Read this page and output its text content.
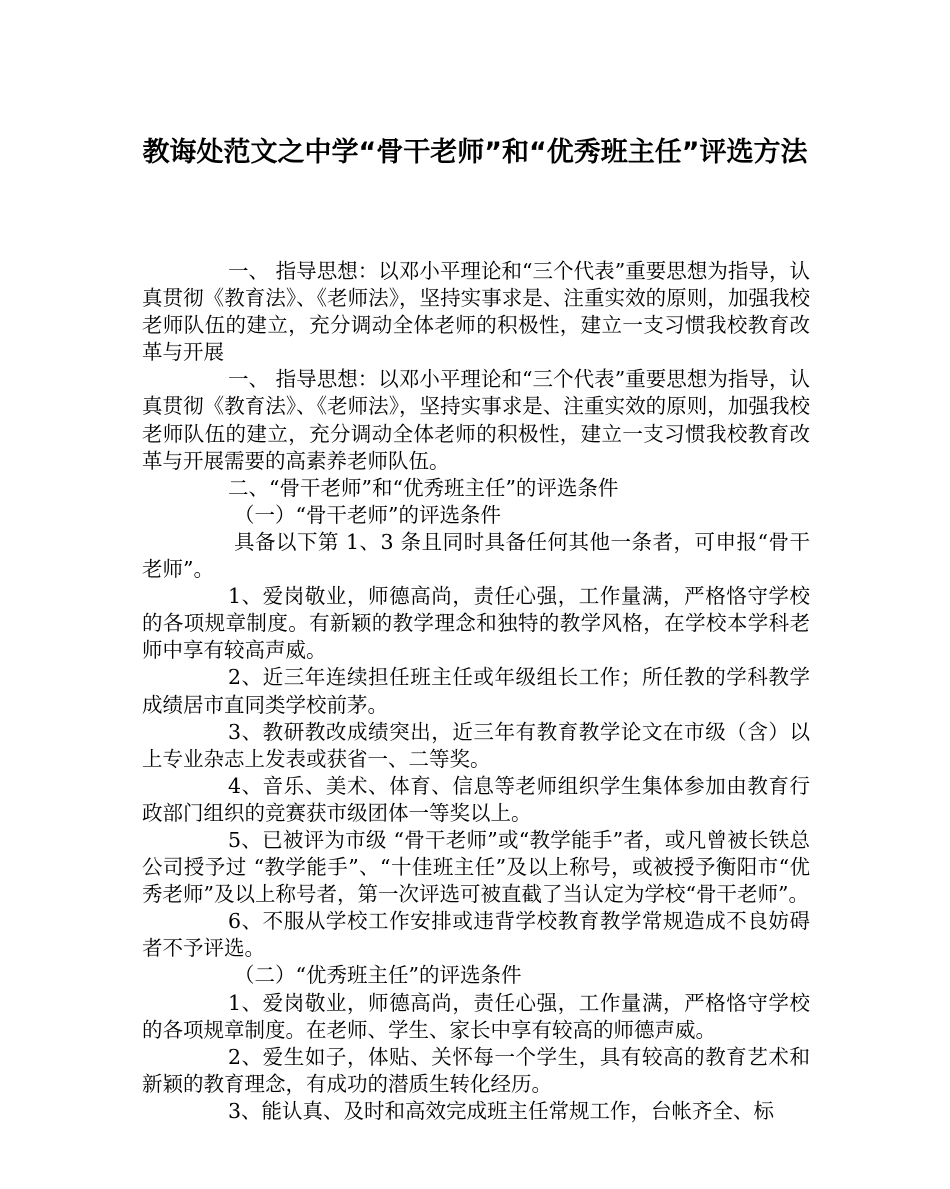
教诲处范文之中学“骨干老师”和“优秀班主任”评选方法

一、 指导思想：以邓小平理论和“三个代表”重要思想为指导，认真贯彻《教育法》、《老师法》，坚持实事求是、注重实效的原则，加强我校老师队伍的建立，充分调动全体老师的积极性，建立一支习惯我校教育改革与开展

一、 指导思想：以邓小平理论和“三个代表”重要思想为指导，认真贯彻《教育法》、《老师法》，坚持实事求是、注重实效的原则，加强我校老师队伍的建立，充分调动全体老师的积极性，建立一支习惯我校教育改革与开展需要的高素养老师队伍。

二、“骨干老师”和“优秀班主任”的评选条件

（一）“骨干老师”的评选条件

具备以下第 1、3 条且同时具备任何其他一条者，可申报“骨干老师”。

1、爱岗敬业，师德高尚，责任心强，工作量满，严格恪守学校的各项规章制度。有新颖的教学理念和独特的教学风格，在学校本学科老师中享有较高声威。

2、近三年连续担任班主任或年级组长工作；所任教的学科教学成绩居市直同类学校前茅。

3、教研教改成绩突出，近三年有教育教学论文在市级（含）以上专业杂志上发表或获省一、二等奖。

4、音乐、美术、体育、信息等老师组织学生集体参加由教育行政部门组织的竞赛获市级团体一等奖以上。

5、已被评为市级 “骨干老师”或“教学能手”者，或凡曾被长铁总公司授予过 “教学能手”、“十佳班主任”及以上称号，或被授予衡阳市“优秀老师”及以上称号者，第一次评选可被直截了当认定为学校“骨干老师”。

6、不服从学校工作安排或违背学校教育教学常规造成不良妨碍者不予评选。

（二）“优秀班主任”的评选条件

1、爱岗敬业，师德高尚，责任心强，工作量满，严格恪守学校的各项规章制度。在老师、学生、家长中享有较高的师德声威。

2、爱生如子，体贴、关怀每一个学生，具有较高的教育艺术和新颖的教育理念，有成功的潜质生转化经历。

3、能认真、及时和高效完成班主任常规工作，台帐齐全、标
